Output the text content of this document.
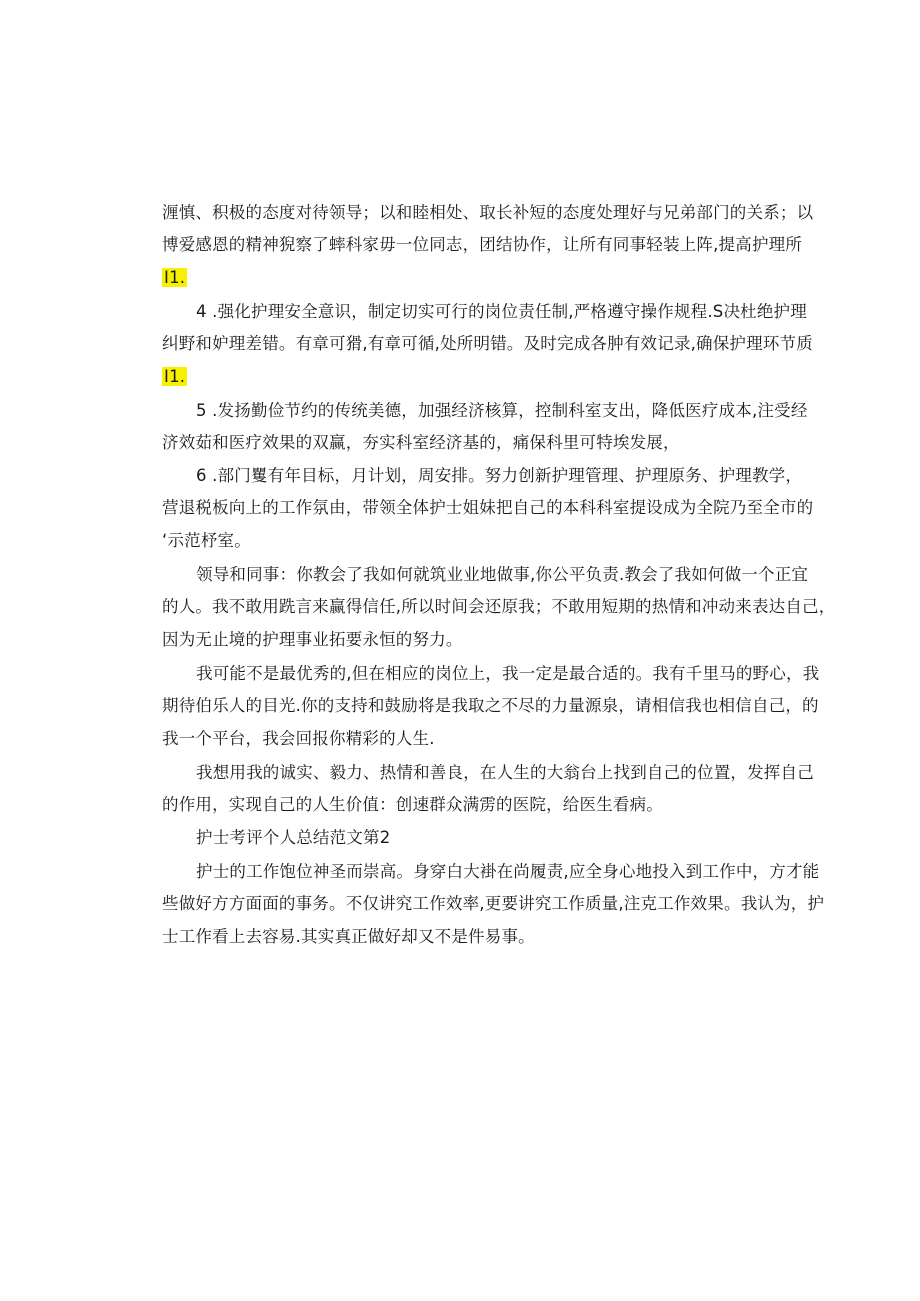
湹慎、积极的态度对待领导；以和睦相处、取长补短的态度处理好与兄弟部门的关系；以
博爱感恩的精神猊察了蟀科家毋一位同志，团结协作，让所有同事轻装上阵,提高护理所
I1.
4 .强化护理安全意识，制定切实可行的岗位责任制,严格遵守操作规程.S决杜绝护理
纠野和妒理差错。有章可猾,有章可循,处所明错。及时完成各肿有效记录,确保护理环节质
I1.
5 .发扬勤俭节约的传统美德，加强经济核算，控制科室支出，降低医疗成本,注受经
济效茹和医疗效果的双赢，夯实科室经济基的，痛保科里可特埃发展，
6 .部门矍有年目标，月计划，周安排。努力创新护理管理、护理原务、护理教学，
营退税板向上的工作氛由，带领全体护士姐妹把自己的本科科室提设成为全院乃至全市的
‘示范杼室。
领导和同事：你教会了我如何就筑业业地做事,你公平负责.教会了我如何做一个正宜
的人。我不敢用跣言来赢得信任,所以时间会还原我；不敢用短期的热情和冲动来表达自己，
因为无止境的护理事业拓要永恒的努力。
我可能不是最优秀的,但在相应的岗位上，我一定是最合适的。我有千里马的野心，我
期待伯乐人的目光.你的支持和鼓励将是我取之不尽的力量源泉，请相信我也相信自己，的
我一个平台，我会回报你精彩的人生.
我想用我的诚实、毅力、热情和善良，在人生的大翁台上找到自己的位置，发挥自己
的作用，实现自己的人生价值：创速群众满雳的医院，给医生看病。
护士考评个人总结范文第2
护士的工作饱位神圣而崇高。身穿白大褂在尚履责,应全身心地投入到工作中，方才能
些做好方方面面的事务。不仅讲究工作效率,更要讲究工作质量,注克工作效果。我认为，护
士工作看上去容易.其实真正做好却又不是件易事。
